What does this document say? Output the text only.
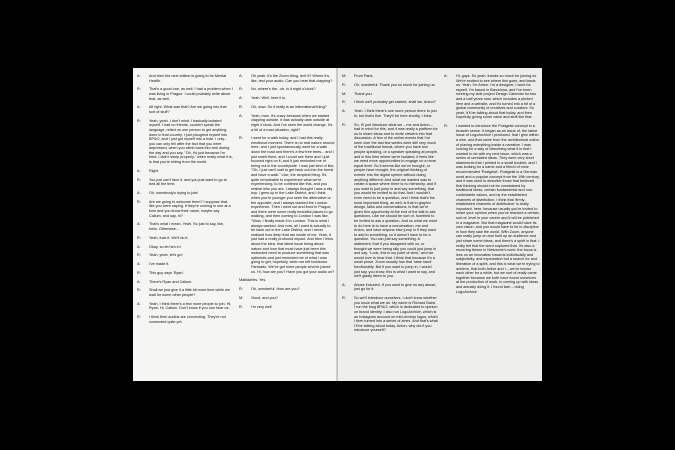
A:	And then the next edition is going to be Mental Health.
R:	That's a good one, as well. I had a problem when I was living in Prague. I could probably write about that, as well.
A:	All right. What was that? Are we going into that sort of stuff?
R:	Yeah, yeah. I don't mind. I basically isolated myself. I had no friends, couldn't speak the language, relied on one person to get anything done in that country. I just ploughed myself into BP&O, and I just got myself into a hole. I only... you can only tell after the fact that you were depressed, when you climb back into bed during the day and you say, "Oh, it's just because I'm tired. I didn't sleep properly," when really what it is, is that you're hiding from the world.
A:	Right.
R:	You just can't face it, and you just want to go to bed all the time.
A:	Oh, somebody's trying to join!
R:	Are we going to welcome them? I suppose that, like you were saying, if they're coming in one at a time and you know their name, maybe say Callum, and say, hi?
A:	That's what I mean. Yeah. So just to say, like, hello. Otherwise...
R:	Yeah, fuck it. We'll do it.
A:	Okay, so let him in!
R:	Yeah, yeah, let's go!
A:	I've made it.
R:	This guy says 'Ryan'.
A:	There's Ryan and Callum.
R:	Shall we just give it a little bit more time while we wait for some other people?
A:	Yeah, I think there's a few more people to join. Hi, Ryan. Hi, Callum. Don't know if you can hear us.
R:	I think their audios are connecting. They're not connected quite yet.
A:	Oh yeah, it's the Zoom thing, isn't it? Where it's, like, test your audio. Can you hear that clapping?
R:	No, where's the...oh, is it eight o'clock?
A:	Yeah. Well, here it is.
R:	Oh, wow. So it really is an international thing?
A:	Yeah, man. It's crazy because when we started clapping outside, it was actually dark outside at eight o'clock. And I've seen the world change. It's a bit of a mad situation, right?
R:	I went for a walk today, and I had this really emotional moment. There is no real nature around here, and I just spontaneously went for a walk down the road and there's a few tree trees... and I just smelt them, and I could see them and I just focused right on it, and it just reminded me of being out in the countryside. I was just kind of like, "Oh, I just can't wait to get back out into the forest and have a walk." Like, the simplest thing. It's quite remarkable to experience what we're experiencing, to be confined like this, and you realise who you are. I always thought I was a city boy. I grew up in the Lake District, and I think when you're younger you seek the alternative or the opposite, and I always wanted the London experience. Then I went out and lived in Prague, and there were some really beautiful places to go walking, and then coming to London I was like, "Wow, I finally made it to London. This is what I always wanted. And now, all I want is actually to be back out in the Lake District, and I never realised how deep that ran inside of me. Yeah, it just had a really profound impact. And then I think about the idea, that latest issue being about nature and how that must have just been this instructed need to produce something that was optimistic and just reminded me of what I was going to get, hopefully, when we left lockdown. Fantastic. We've got more people who've joined us. Hi, how are you? Have you got your audio on?
Matilda:
Yes. Yes.
R:	Oh, wonderful. How are you?
M:	Good, and you?
R:	I'm very well.
M:	From Paris.
R:	Oh, wonderful. Thank you so much for joining us.
M:	Thank you.
R:	I think we'll probably get started, shall we, Anton?
A:	Yeah. I think there's one more person there to join in, but that's fine. They'll be here shortly, I think.
R:	So, I'll just introduce what we – me and Anton – had in mind for this, and it was really a platform for us to share ideas and to invite viewers into that discussion. A few of the online events that I've seen over the last few weeks were still very much of the traditional format, where you have two people speaking, or a speaker speaking at people, and in this time where we're isolated, it feels like we need more opportunities to engage on a more equal level. So it seems like we've brought, or people have brought, the original thinking of events' into the digital sphere without doing anything different. And what we wanted was to create a space where there is no hierarchy, and if you want to just jump in and say something, that you would be invited to do that. And I wouldn't even need to be a question, and I think that's the most important thing, as well, is that in graphic design, talks and conversations, is that we're given this opportunity at the end of the talk to ask questions. Like we should be sort of, humbled to be invited to ask a question. And so what we want to do here is to have a conversation, me and Anton, and have anyone else jump in if they want to add to something, so it doesn't have to be a question. You can just say something. A statement, that if you disagreed with us, or thought we were being silly you could just jump in and say, "Look, this is my point of view," and we would love to hear that. I think that because it's a small prose. Zoom usually has that 'raise hand' functionality. But if you want to jump in, I would just say, you know, this is what I want to say, and we'll gladly listen to you.
A:	Abuse included. If you want to give us any abuse, just go for it.
R:	So we'll introduce ourselves. I don't know whether you know what we do. My name is Richard Baird, I run the blog BP&O, which is dedicated to opinion on brand identity. I also run LogoArchive, which is an Instagram account on mid-century logos, which I then turned into a series of zines. And that's what I'll be talking about today. Anton, why don't you introduce yourself?
A:	Hi, guys. So yeah, thanks so much for joining us. We're excited to see where this goes, and leads us. Yeah, I'm Anton. I'm a designer, I work for myself. I'm based in Barcelona, and I've been running my side project Design Calendar for two and a half years now, which includes a printed item and a website, and it's turned into a bit of a global community of creatives and curators. So yeah, it'll be talking about that today, and then hopefully giving some value and stuff like that.
R:	I wanted to introduce the Postgeist concept in a broader sense. It began as an issue of, the latest issue of LogoArchive I produced, that I give within a zine, and that came from the architectural notion of placing everything inside a narrative. I was looking for a way of describing what it is that I wanted to do with my next issue, which was a series of unrelated ideas. They were very short statements that I printed in a small booklet, and I was looking for a name and a friend of mine recommended 'Postgeist'. Postgeist is a German word and a popular concept from the 19th century, and it was used to describe those that believed that thinking should not be constrained by traditional ideas, certain fundamental and non-contestable values, and by the established channels of distribution. I think that 'firmly-established channels of distribution' is really important, here, because usually you're invited to share your opinion when you've reached a certain, sort of, level in your career and it will be published in a magazine. But that magazine would have its own vision, and you would have to be in discipline in how they saw the world. With Zoom, anyone can really jump on and hold up an audience and just share some ideas, and there's a spirit in that. I really felt that the word captured that. It's also a recurring theme in Nietzsche's work: the focus is less on an innovation towards individuality and subjectivity, and expectation but a search for and liberation of a spirit, and this is what we're trying to achieve, that both Anton and I – we've known each other for a while, but we sort of really came together because we both have found ourselves at the production of work, in coming up with ideas and actually doing it. I found twin – doing LogoArchive
